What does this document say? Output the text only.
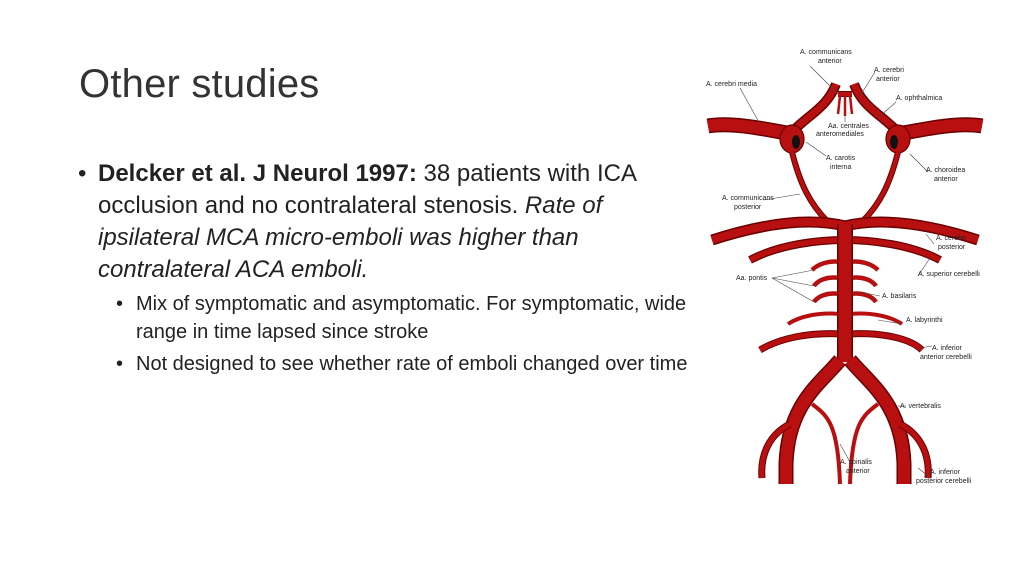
Other studies
• Delcker et al. J Neurol 1997: 38 patients with ICA occlusion and no contralateral stenosis. Rate of ipsilateral MCA micro-emboli was higher than contralateral ACA emboli.
• Mix of symptomatic and asymptomatic. For symptomatic, wide range in time lapsed since stroke
• Not designed to see whether rate of emboli changed over time
A. communicans
anterior
A. cerebri
anterior
A. cerebri media
A. ophthalmica
Aa. centrales
anteromediales
A. carotis
interna	A. choroidea
anterior
A. communicans
posterior
A. cerebri
posterior
A. superior cerebelli
Aa. pontis
A. basilaris
A. labyrinthi
A. inferior
anterior cerebelli
A. vertebralis
A. spinalis
anterior	A. inferior
posterior cerebelli
